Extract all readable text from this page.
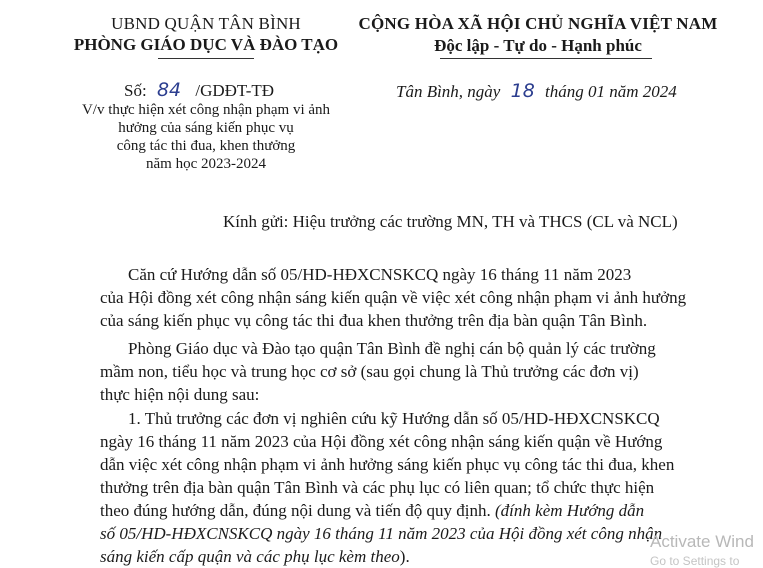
UBND QUẬN TÂN BÌNH
PHÒNG GIÁO DỤC VÀ ĐÀO TẠO
CỘNG HÒA XÃ HỘI CHỦ NGHĨA VIỆT NAM
Độc lập - Tự do - Hạnh phúc
Số: 84 /GDĐT-TĐ	Tân Bình, ngày 18 tháng 01 năm 2024
V/v thực hiện xét công nhận phạm vi ảnh
hưởng của sáng kiến phục vụ
công tác thi đua, khen thưởng
năm học 2023-2024
Kính gửi: Hiệu trưởng các trường MN, TH và THCS (CL và NCL)
Căn cứ Hướng dẫn số 05/HD-HĐXCNSKCQ ngày 16 tháng 11 năm 2023
của Hội đồng xét công nhận sáng kiến quận về việc xét công nhận phạm vi ảnh hưởng
của sáng kiến phục vụ công tác thi đua khen thưởng trên địa bàn quận Tân Bình.
Phòng Giáo dục và Đào tạo quận Tân Bình đề nghị cán bộ quản lý các trường
mầm non, tiểu học và trung học cơ sở (sau gọi chung là Thủ trưởng các đơn vị)
thực hiện nội dung sau:
1. Thủ trưởng các đơn vị nghiên cứu kỹ Hướng dẫn số 05/HD-HĐXCNSKCQ
ngày 16 tháng 11 năm 2023 của Hội đồng xét công nhận sáng kiến quận về Hướng
dẫn việc xét công nhận phạm vi ảnh hưởng sáng kiến phục vụ công tác thi đua, khen
thưởng trên địa bàn quận Tân Bình và các phụ lục có liên quan; tổ chức thực hiện
theo đúng hướng dẫn, đúng nội dung và tiến độ quy định. (đính kèm Hướng dẫn
số 05/HD-HĐXCNSKCQ ngày 16 tháng 11 năm 2023 của Hội đồng xét công nhận
sáng kiến cấp quận và các phụ lục kèm theo).
Activate Wind
Go to Settings to
